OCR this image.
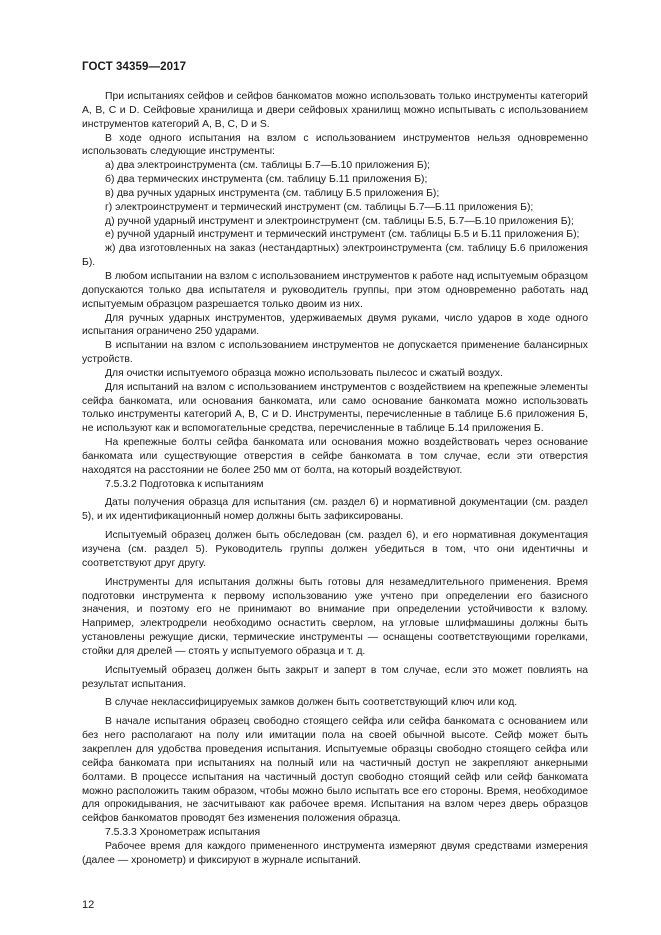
ГОСТ 34359—2017

При испытаниях сейфов и сейфов банкоматов можно использовать только инструменты категорий А, В, С и D. Сейфовые хранилища и двери сейфовых хранилищ можно испытывать с использованием инструментов категорий А, В, С, D и S.

В ходе одного испытания на взлом с использованием инструментов нельзя одновременно использовать следующие инструменты:

а) два электроинструмента (см. таблицы Б.7—Б.10 приложения Б);

б) два термических инструмента (см. таблицу Б.11 приложения Б);

в) два ручных ударных инструмента (см. таблицу Б.5 приложения Б);

г) электроинструмент и термический инструмент (см. таблицы Б.7—Б.11 приложения Б);

д) ручной ударный инструмент и электроинструмент (см. таблицы Б.5, Б.7—Б.10 приложения Б);

е) ручной ударный инструмент и термический инструмент (см. таблицы Б.5 и Б.11 приложения Б);

ж) два изготовленных на заказ (нестандартных) электроинструмента (см. таблицу Б.6 приложения Б).

В любом испытании на взлом с использованием инструментов к работе над испытуемым образцом допускаются только два испытателя и руководитель группы, при этом одновременно работать над испытуемым образцом разрешается только двоим из них.

Для ручных ударных инструментов, удерживаемых двумя руками, число ударов в ходе одного испытания ограничено 250 ударами.

В испытании на взлом с использованием инструментов не допускается применение балансирных устройств.

Для очистки испытуемого образца можно использовать пылесос и сжатый воздух.

Для испытаний на взлом с использованием инструментов с воздействием на крепежные элементы сейфа банкомата, или основания банкомата, или само основание банкомата можно использовать только инструменты категорий А, В, С и D. Инструменты, перечисленные в таблице Б.6 приложения Б, не используют как и вспомогательные средства, перечисленные в таблице Б.14 приложения Б.

На крепежные болты сейфа банкомата или основания можно воздействовать через основание банкомата или существующие отверстия в сейфе банкомата в том случае, если эти отверстия находятся на расстоянии не более 250 мм от болта, на который воздействуют.

7.5.3.2 Подготовка к испытаниям

Даты получения образца для испытания (см. раздел 6) и нормативной документации (см. раздел 5), и их идентификационный номер должны быть зафиксированы.

Испытуемый образец должен быть обследован (см. раздел 6), и его нормативная документация изучена (см. раздел 5). Руководитель группы должен убедиться в том, что они идентичны и соответствуют друг другу.

Инструменты для испытания должны быть готовы для незамедлительного применения. Время подготовки инструмента к первому использованию уже учтено при определении его базисного значения, и поэтому его не принимают во внимание при определении устойчивости к взлому. Например, электродрели необходимо оснастить сверлом, на угловые шлифмашины должны быть установлены режущие диски, термические инструменты — оснащены соответствующими горелками, стойки для дрелей — стоять у испытуемого образца и т. д.

Испытуемый образец должен быть закрыт и заперт в том случае, если это может повлиять на результат испытания.

В случае неклассифицируемых замков должен быть соответствующий ключ или код.

В начале испытания образец свободно стоящего сейфа или сейфа банкомата с основанием или без него располагают на полу или имитации пола на своей обычной высоте. Сейф может быть закреплен для удобства проведения испытания. Испытуемые образцы свободно стоящего сейфа или сейфа банкомата при испытаниях на полный или на частичный доступ не закрепляют анкерными болтами. В процессе испытания на частичный доступ свободно стоящий сейф или сейф банкомата можно расположить таким образом, чтобы можно было испытать все его стороны. Время, необходимое для опрокидывания, не засчитывают как рабочее время. Испытания на взлом через дверь образцов сейфов банкоматов проводят без изменения положения образца.

7.5.3.3 Хронометраж испытания

Рабочее время для каждого примененного инструмента измеряют двумя средствами измерения (далее — хронометр) и фиксируют в журнале испытаний.

12
